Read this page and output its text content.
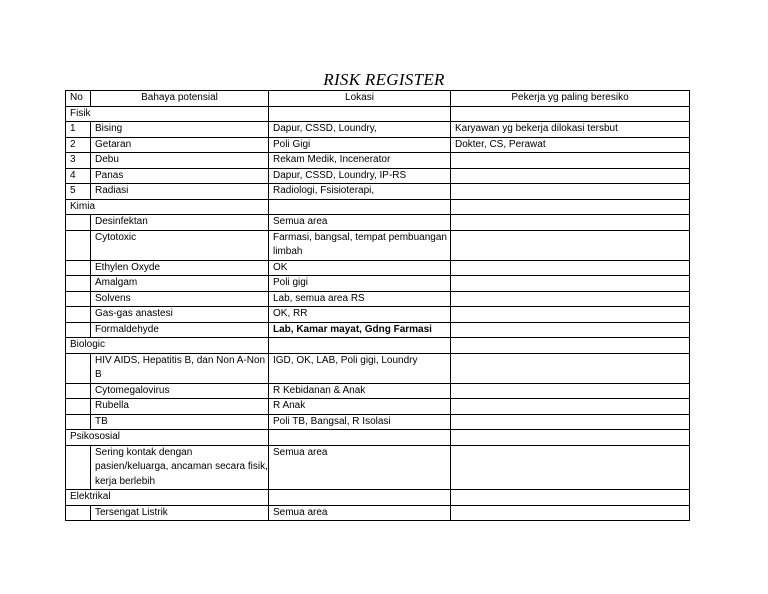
RISK REGISTER
No	Bahaya potensial	Lokasi	Pekerja yg paling beresiko
Fisik			
1	Bising	Dapur, CSSD, Loundry,	Karyawan yg bekerja dilokasi tersbut
2	Getaran	Poli Gigi	Dokter, CS, Perawat
3	Debu	Rekam Medik, Incenerator	
4	Panas	Dapur, CSSD, Loundry, IP-RS	
5	Radiasi	Radiologi, Fsisioterapi,	
Kimia			
	Desinfektan	Semua area	
	Cytotoxic	Farmasi, bangsal, tempat pembuangan limbah	
	Ethylen Oxyde	OK	
	Amalgam	Poli gigi	
	Solvens	Lab, semua area RS	
	Gas-gas anastesi	OK, RR	
	Formaldehyde	Lab, Kamar mayat, Gdng Farmasi	
Biologic			
	HIV AIDS, Hepatitis B, dan Non A-Non B	IGD, OK, LAB, Poli gigi, Loundry	
	Cytomegalovirus	R Kebidanan & Anak	
	Rubella	R Anak	
	TB	Poli TB, Bangsal, R Isolasi	
Psikososial			
	Sering kontak dengan pasien/keluarga, ancaman secara fisik, kerja berlebih	Semua area	
Elektrikal			
	Tersengat Listrik	Semua area	
